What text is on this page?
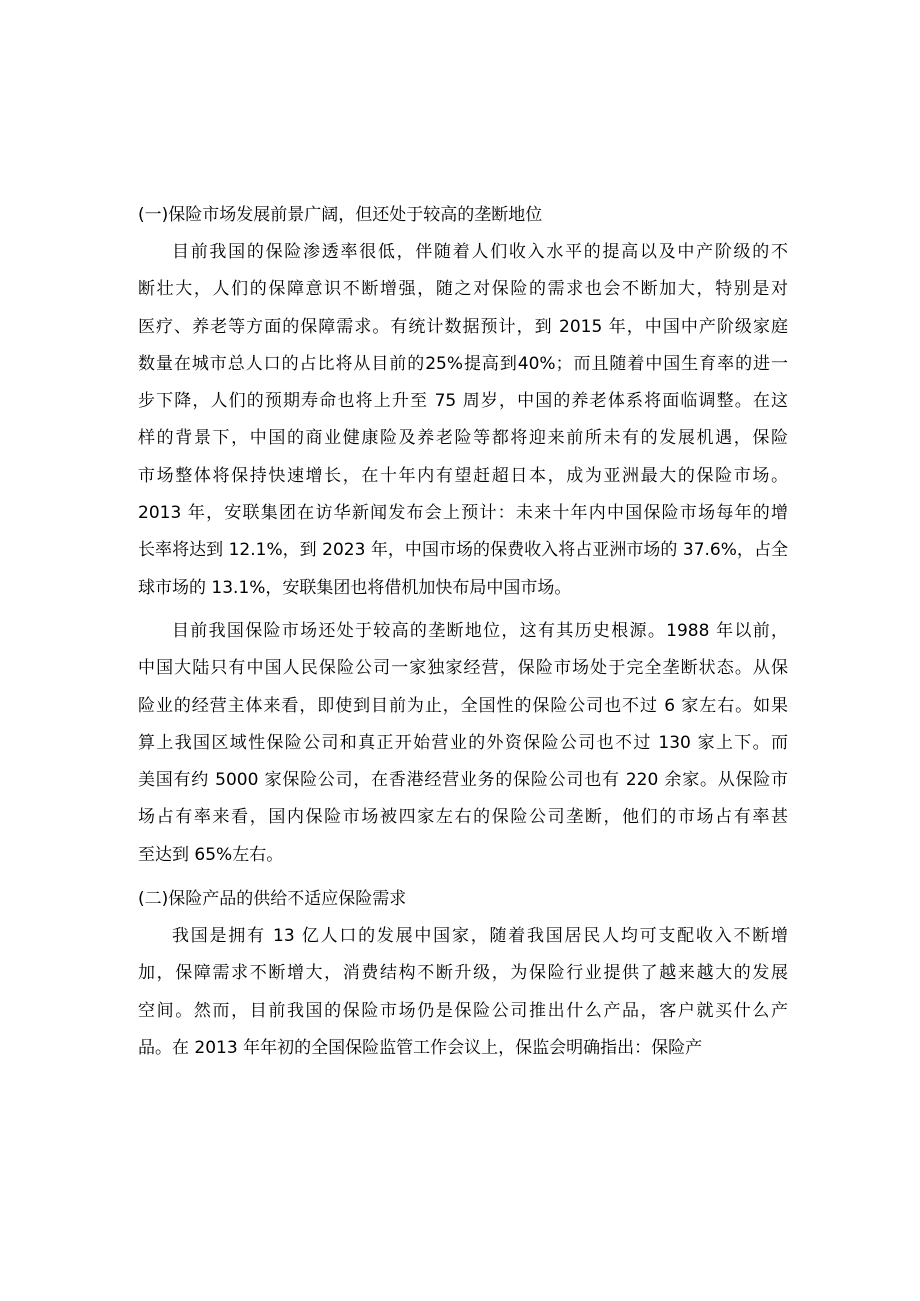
(一)保险市场发展前景广阔，但还处于较高的垄断地位
目前我国的保险渗透率很低，伴随着人们收入水平的提高以及中产阶级的不
断壮大，人们的保障意识不断增强，随之对保险的需求也会不断加大，特别是对
医疗、养老等方面的保障需求。有统计数据预计，到 2015 年，中国中产阶级家庭
数量在城市总人口的占比将从目前的25%提高到40%；而且随着中国生育率的进一
步下降，人们的预期寿命也将上升至 75 周岁，中国的养老体系将面临调整。在这
样的背景下，中国的商业健康险及养老险等都将迎来前所未有的发展机遇，保险
市场整体将保持快速增长，在十年内有望赶超日本，成为亚洲最大的保险市场。
2013 年，安联集团在访华新闻发布会上预计：未来十年内中国保险市场每年的增
长率将达到 12.1%，到 2023 年，中国市场的保费收入将占亚洲市场的 37.6%，占全
球市场的 13.1%，安联集团也将借机加快布局中国市场。
目前我国保险市场还处于较高的垄断地位，这有其历史根源。1988 年以前，
中国大陆只有中国人民保险公司一家独家经营，保险市场处于完全垄断状态。从保
险业的经营主体来看，即使到目前为止，全国性的保险公司也不过 6 家左右。如果
算上我国区域性保险公司和真正开始营业的外资保险公司也不过 130 家上下。而
美国有约 5000 家保险公司，在香港经营业务的保险公司也有 220 余家。从保险市
场占有率来看，国内保险市场被四家左右的保险公司垄断，他们的市场占有率甚
至达到 65%左右。
(二)保险产品的供给不适应保险需求
我国是拥有 13 亿人口的发展中国家，随着我国居民人均可支配收入不断增
加，保障需求不断增大，消费结构不断升级，为保险行业提供了越来越大的发展
空间。然而，目前我国的保险市场仍是保险公司推出什么产品，客户就买什么产
品。在 2013 年年初的全国保险监管工作会议上，保监会明确指出：保险产
